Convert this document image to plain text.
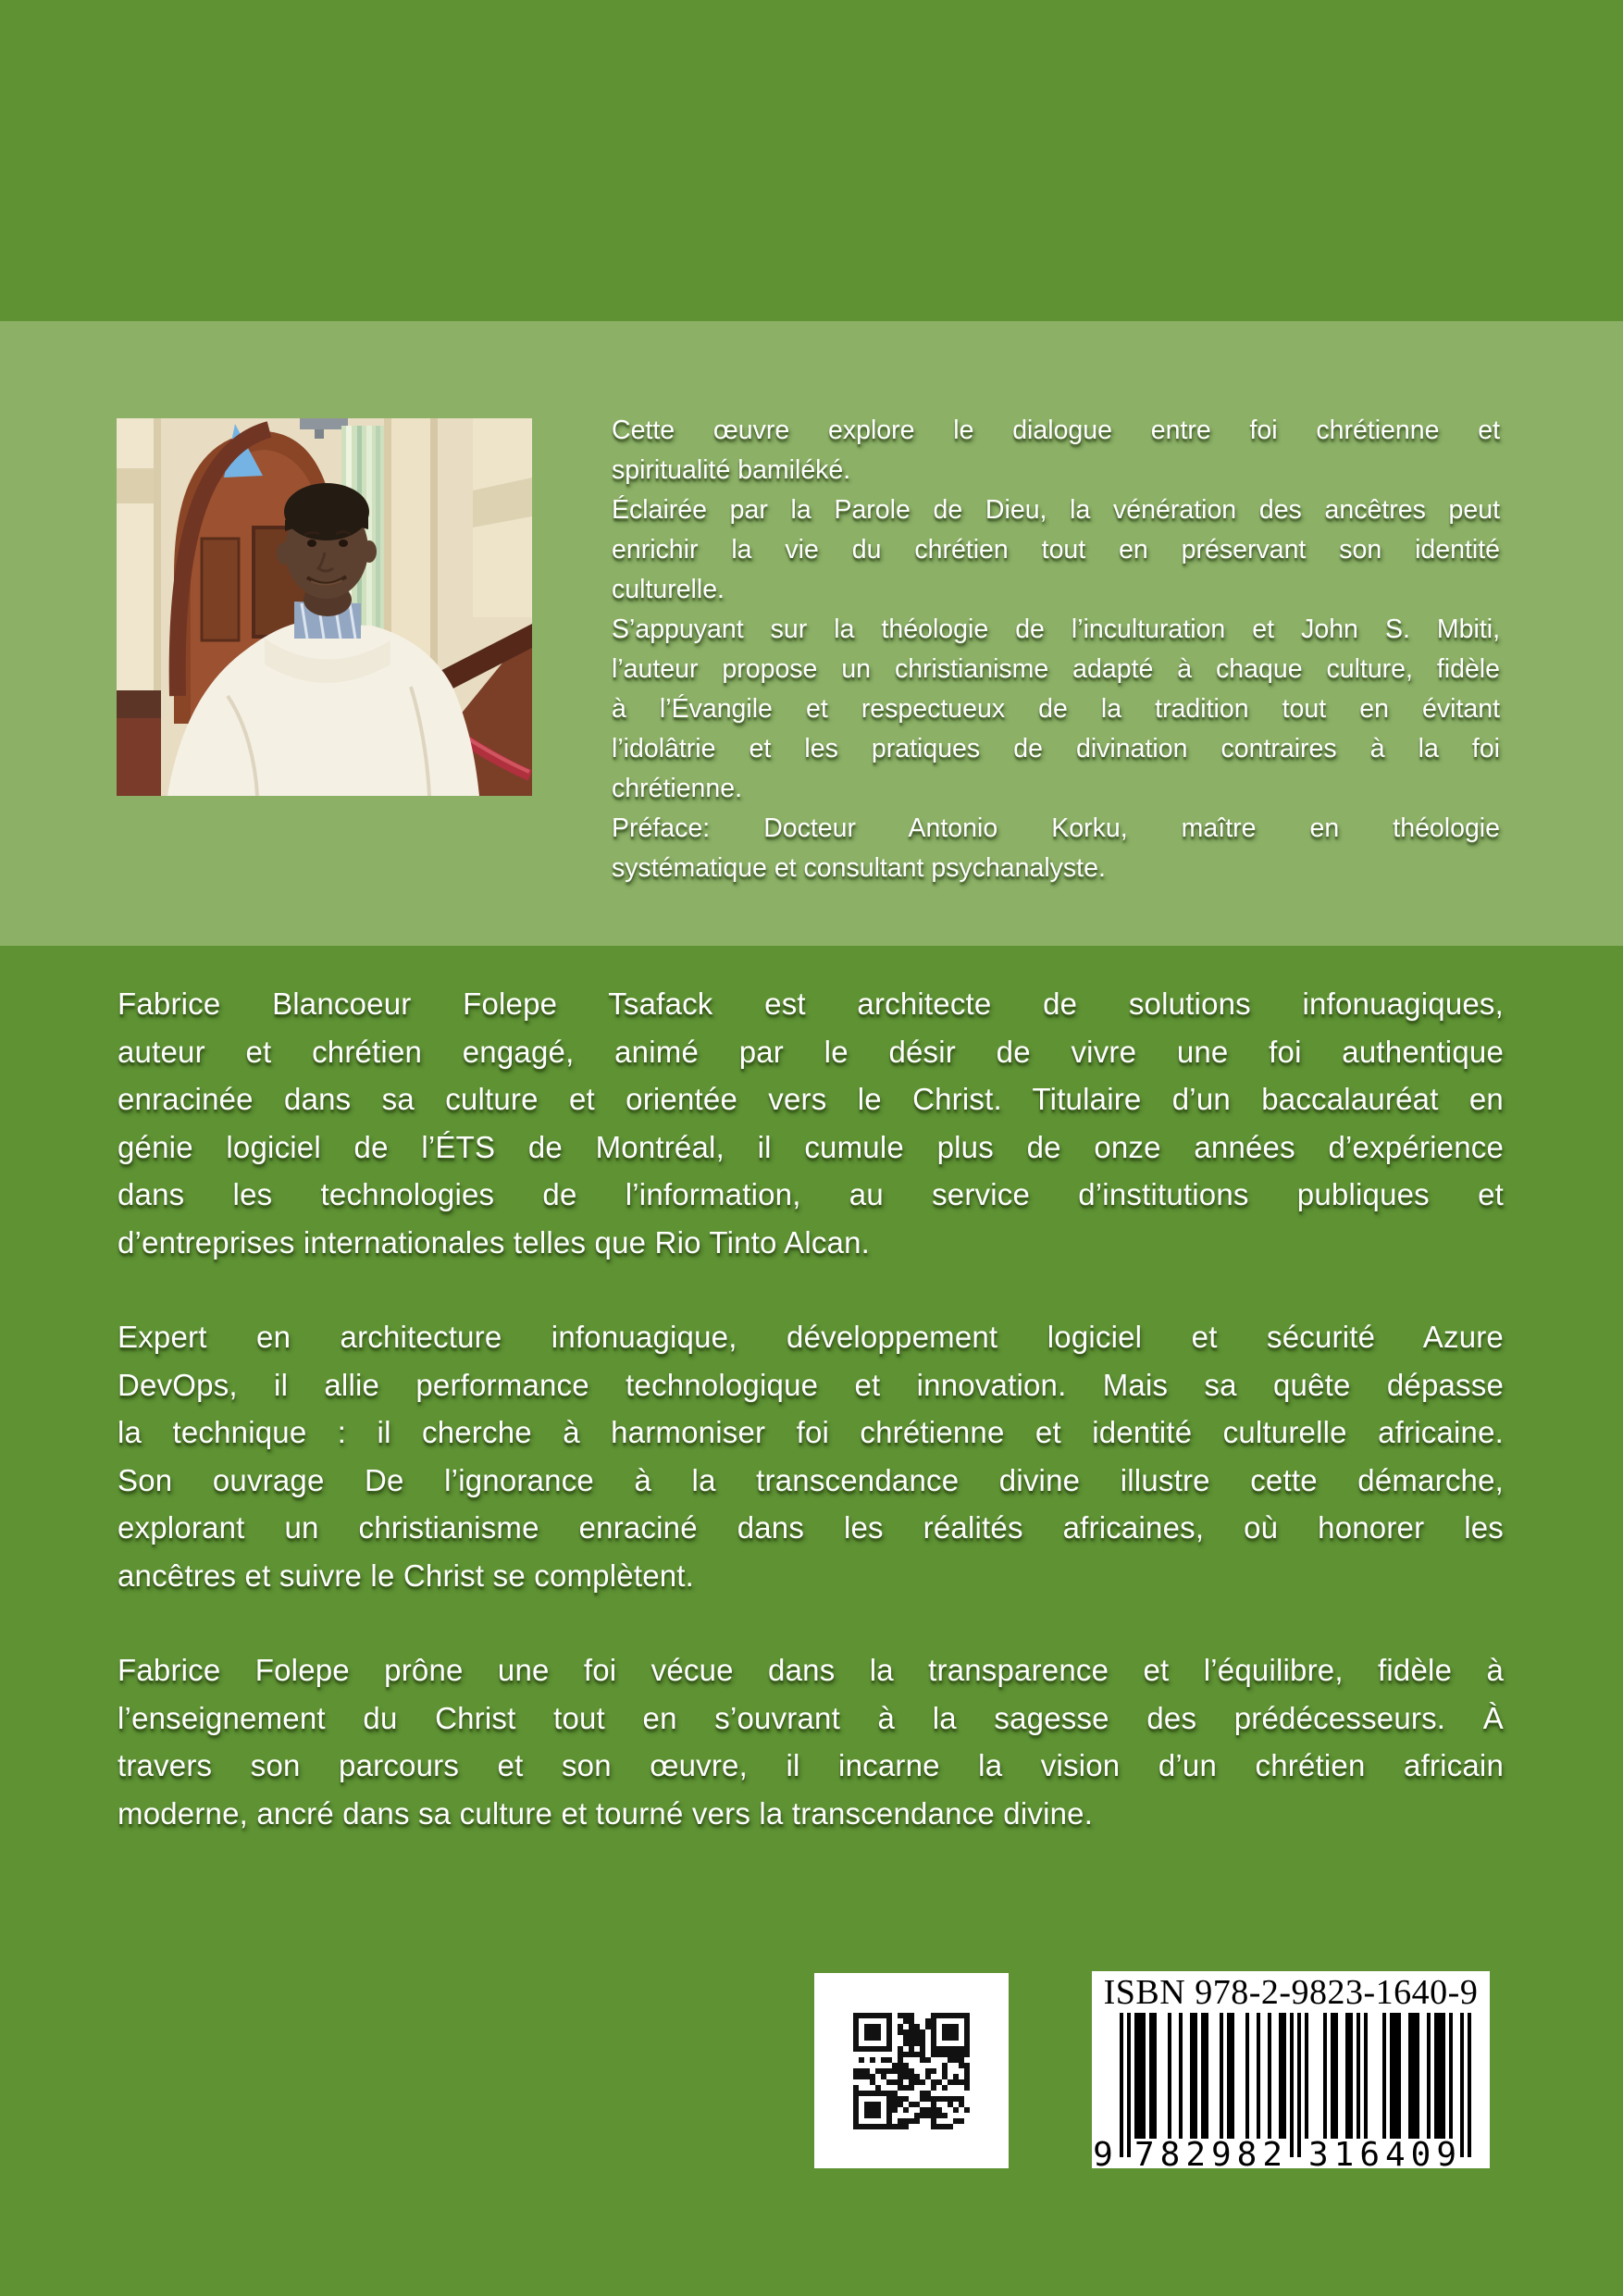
Cette œuvre explore le dialogue entre foi chrétienne et
spiritualité bamiléké.
Éclairée par la Parole de Dieu, la vénération des ancêtres peut
enrichir la vie du chrétien tout en préservant son identité
culturelle.
S’appuyant sur la théologie de l’inculturation et John S. Mbiti,
l’auteur propose un christianisme adapté à chaque culture, fidèle
à l’Évangile et respectueux de la tradition tout en évitant
l’idolâtrie et les pratiques de divination contraires à la foi
chrétienne.
Préface: Docteur Antonio Korku, maître en théologie
systématique et consultant psychanalyste.
Fabrice Blancoeur Folepe Tsafack est architecte de solutions infonuagiques,
auteur et chrétien engagé, animé par le désir de vivre une foi authentique
enracinée dans sa culture et orientée vers le Christ. Titulaire d’un baccalauréat en
génie logiciel de l’ÉTS de Montréal, il cumule plus de onze années d’expérience
dans les technologies de l’information, au service d’institutions publiques et
d’entreprises internationales telles que Rio Tinto Alcan.
Expert en architecture infonuagique, développement logiciel et sécurité Azure
DevOps, il allie performance technologique et innovation. Mais sa quête dépasse
la technique : il cherche à harmoniser foi chrétienne et identité culturelle africaine.
Son ouvrage De l’ignorance à la transcendance divine illustre cette démarche,
explorant un christianisme enraciné dans les réalités africaines, où honorer les
ancêtres et suivre le Christ se complètent.
Fabrice Folepe prône une foi vécue dans la transparence et l’équilibre, fidèle à
l’enseignement du Christ tout en s’ouvrant à la sagesse des prédécesseurs. À
travers son parcours et son œuvre, il incarne la vision d’un chrétien africain
moderne, ancré dans sa culture et tourné vers la transcendance divine.
ISBN 978-2-9823-1640-9
9 782982 316409
